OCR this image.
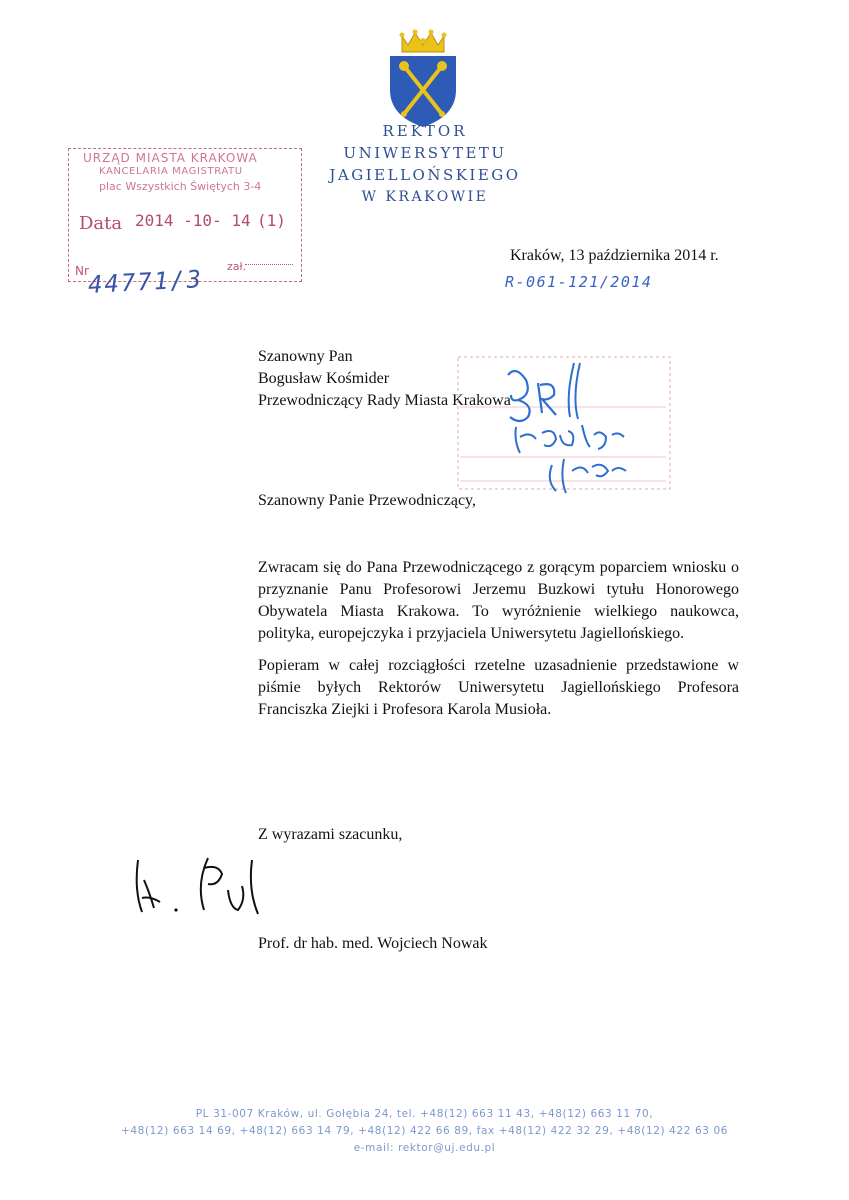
REKTOR
UNIWERSYTETU JAGIELLOŃSKIEGO
W KRAKOWIE
URZĄD MIASTA KRAKOWA
KANCELARIA MAGISTRATU
plac Wszystkich Świętych 3-4
Data 2014 -10- 14 (1)
Nr	zał.
44771/3
Kraków, 13 października 2014 r.
R-061-121/2014
Szanowny Pan
Bogusław Kośmider
Przewodniczący Rady Miasta Krakowa
Szanowny Panie Przewodniczący,

Zwracam się do Pana Przewodniczącego z gorącym poparciem wniosku o przyznanie Panu Profesorowi Jerzemu Buzkowi tytułu Honorowego Obywatela Miasta Krakowa. To wyróżnienie wielkiego naukowca, polityka, europejczyka i przyjaciela Uniwersytetu Jagiellońskiego.

Popieram w całej rozciągłości rzetelne uzasadnienie przedstawione w piśmie byłych Rektorów Uniwersytetu Jagiellońskiego Profesora Franciszka Ziejki i Profesora Karola Musioła.

Z wyrazami szacunku,
Prof. dr hab. med. Wojciech Nowak
PL 31-007 Kraków, ul. Gołębia 24, tel. +48(12) 663 11 43, +48(12) 663 11 70,
+48(12) 663 14 69, +48(12) 663 14 79, +48(12) 422 66 89, fax +48(12) 422 32 29, +48(12) 422 63 06
e-mail: rektor@uj.edu.pl
